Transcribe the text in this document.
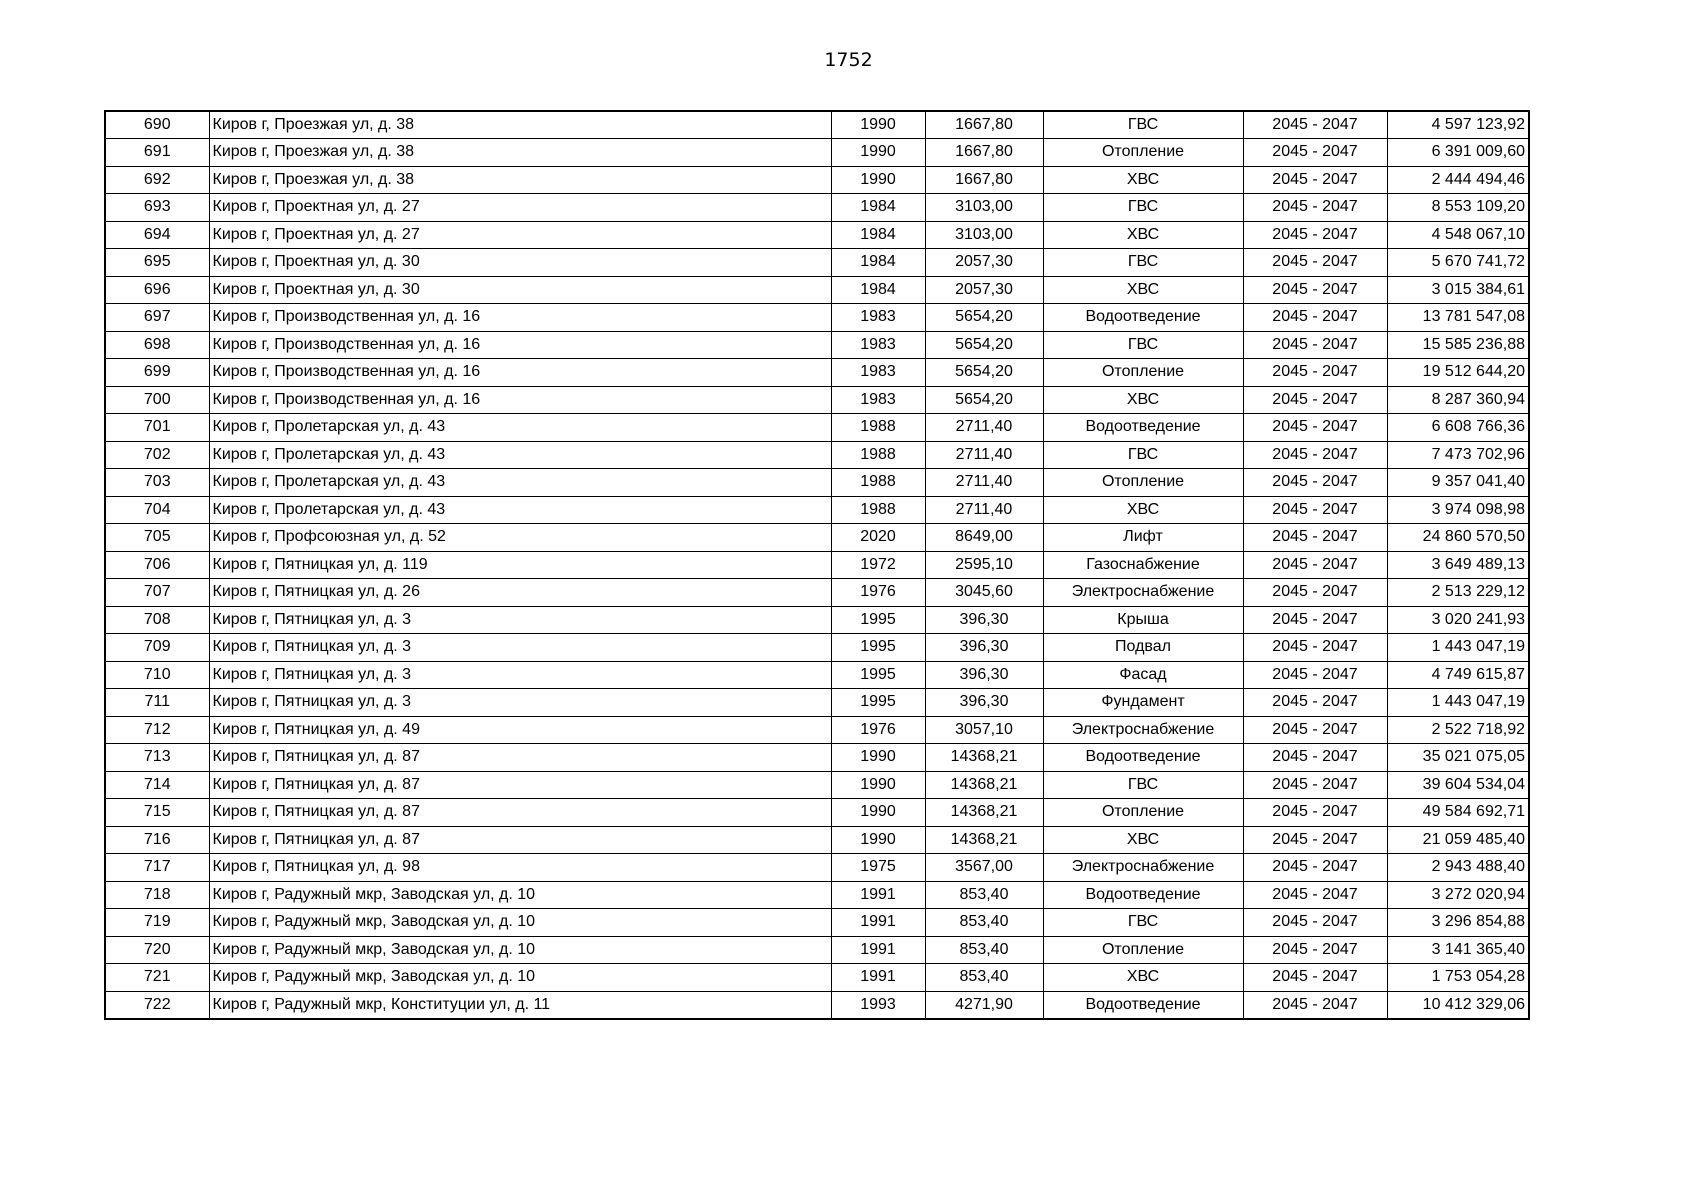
1752
690	Киров г, Проезжая ул, д. 38	1990	1667,80	ГВС	2045 - 2047	4 597 123,92
691	Киров г, Проезжая ул, д. 38	1990	1667,80	Отопление	2045 - 2047	6 391 009,60
692	Киров г, Проезжая ул, д. 38	1990	1667,80	ХВС	2045 - 2047	2 444 494,46
693	Киров г, Проектная ул, д. 27	1984	3103,00	ГВС	2045 - 2047	8 553 109,20
694	Киров г, Проектная ул, д. 27	1984	3103,00	ХВС	2045 - 2047	4 548 067,10
695	Киров г, Проектная ул, д. 30	1984	2057,30	ГВС	2045 - 2047	5 670 741,72
696	Киров г, Проектная ул, д. 30	1984	2057,30	ХВС	2045 - 2047	3 015 384,61
697	Киров г, Производственная ул, д. 16	1983	5654,20	Водоотведение	2045 - 2047	13 781 547,08
698	Киров г, Производственная ул, д. 16	1983	5654,20	ГВС	2045 - 2047	15 585 236,88
699	Киров г, Производственная ул, д. 16	1983	5654,20	Отопление	2045 - 2047	19 512 644,20
700	Киров г, Производственная ул, д. 16	1983	5654,20	ХВС	2045 - 2047	8 287 360,94
701	Киров г, Пролетарская ул, д. 43	1988	2711,40	Водоотведение	2045 - 2047	6 608 766,36
702	Киров г, Пролетарская ул, д. 43	1988	2711,40	ГВС	2045 - 2047	7 473 702,96
703	Киров г, Пролетарская ул, д. 43	1988	2711,40	Отопление	2045 - 2047	9 357 041,40
704	Киров г, Пролетарская ул, д. 43	1988	2711,40	ХВС	2045 - 2047	3 974 098,98
705	Киров г, Профсоюзная ул, д. 52	2020	8649,00	Лифт	2045 - 2047	24 860 570,50
706	Киров г, Пятницкая ул, д. 119	1972	2595,10	Газоснабжение	2045 - 2047	3 649 489,13
707	Киров г, Пятницкая ул, д. 26	1976	3045,60	Электроснабжение	2045 - 2047	2 513 229,12
708	Киров г, Пятницкая ул, д. 3	1995	396,30	Крыша	2045 - 2047	3 020 241,93
709	Киров г, Пятницкая ул, д. 3	1995	396,30	Подвал	2045 - 2047	1 443 047,19
710	Киров г, Пятницкая ул, д. 3	1995	396,30	Фасад	2045 - 2047	4 749 615,87
711	Киров г, Пятницкая ул, д. 3	1995	396,30	Фундамент	2045 - 2047	1 443 047,19
712	Киров г, Пятницкая ул, д. 49	1976	3057,10	Электроснабжение	2045 - 2047	2 522 718,92
713	Киров г, Пятницкая ул, д. 87	1990	14368,21	Водоотведение	2045 - 2047	35 021 075,05
714	Киров г, Пятницкая ул, д. 87	1990	14368,21	ГВС	2045 - 2047	39 604 534,04
715	Киров г, Пятницкая ул, д. 87	1990	14368,21	Отопление	2045 - 2047	49 584 692,71
716	Киров г, Пятницкая ул, д. 87	1990	14368,21	ХВС	2045 - 2047	21 059 485,40
717	Киров г, Пятницкая ул, д. 98	1975	3567,00	Электроснабжение	2045 - 2047	2 943 488,40
718	Киров г, Радужный мкр, Заводская ул, д. 10	1991	853,40	Водоотведение	2045 - 2047	3 272 020,94
719	Киров г, Радужный мкр, Заводская ул, д. 10	1991	853,40	ГВС	2045 - 2047	3 296 854,88
720	Киров г, Радужный мкр, Заводская ул, д. 10	1991	853,40	Отопление	2045 - 2047	3 141 365,40
721	Киров г, Радужный мкр, Заводская ул, д. 10	1991	853,40	ХВС	2045 - 2047	1 753 054,28
722	Киров г, Радужный мкр, Конституции ул, д. 11	1993	4271,90	Водоотведение	2045 - 2047	10 412 329,06
